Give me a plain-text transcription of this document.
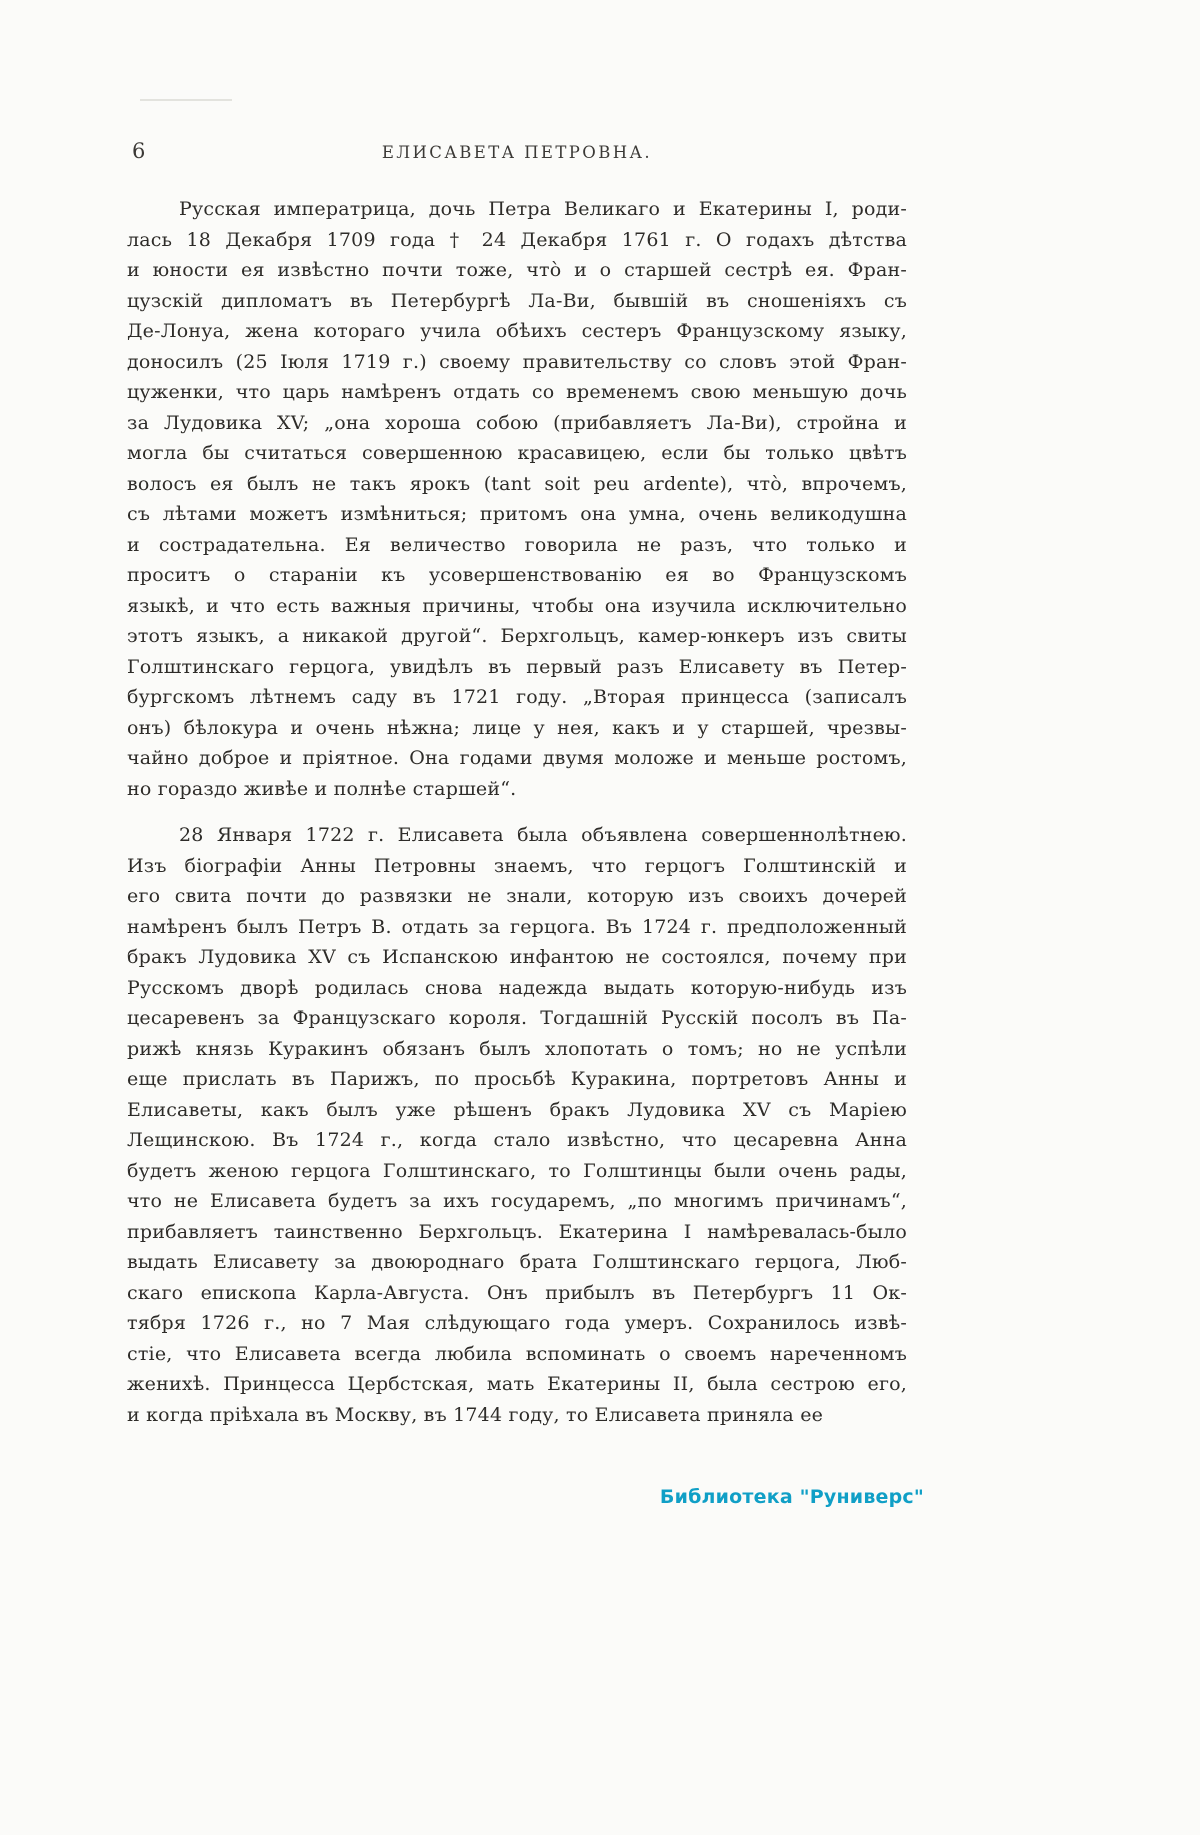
6	ЕЛИСАВЕТА ПЕТРОВНА.
Русская императрица, дочь Петра Великаго и Екатерины I, роди-
лась 18 Декабря 1709 года † 24 Декабря 1761 г. О годахъ дѣтства
и юности ея извѣстно почти тоже, чтò и о старшей сестрѣ ея. Фран-
цузскій дипломатъ въ Петербургѣ Ла-Ви, бывшій въ сношеніяхъ съ
Де-Лонуа, жена котораго учила обѣихъ сестеръ Французскому языку,
доносилъ (25 Іюля 1719 г.) своему правительству со словъ этой Фран-
цуженки, что царь намѣренъ отдать со временемъ свою меньшую дочь
за Лудовика XV; „она хороша собою (прибавляетъ Ла-Ви), стройна и
могла бы считаться совершенною красавицею, если бы только цвѣтъ
волосъ ея былъ не такъ ярокъ (tant soit peu ardente), чтò, впрочемъ,
съ лѣтами можетъ измѣниться; притомъ она умна, очень великодушна
и сострадательна. Ея величество говорила не разъ, что только и
проситъ о стараніи къ усовершенствованію ея во Французскомъ
языкѣ, и что есть важныя причины, чтобы она изучила исключительно
этотъ языкъ, а никакой другой“. Берхгольцъ, камер-юнкеръ изъ свиты
Голштинскаго герцога, увидѣлъ въ первый разъ Елисавету въ Петер-
бургскомъ лѣтнемъ саду въ 1721 году. „Вторая принцесса (записалъ
онъ) бѣлокура и очень нѣжна; лице у нея, какъ и у старшей, чрезвы-
чайно доброе и пріятное. Она годами двумя моложе и меньше ростомъ,
но гораздо живѣе и полнѣе старшей“.
28 Января 1722 г. Елисавета была объявлена совершеннолѣтнею.
Изъ біографіи Анны Петровны знаемъ, что герцогъ Голштинскій и
его свита почти до развязки не знали, которую изъ своихъ дочерей
намѣренъ былъ Петръ В. отдать за герцога. Въ 1724 г. предположенный
бракъ Лудовика XV съ Испанскою инфантою не состоялся, почему при
Русскомъ дворѣ родилась снова надежда выдать которую-нибудь изъ
цесаревенъ за Французскаго короля. Тогдашній Русскій посолъ въ Па-
рижѣ князь Куракинъ обязанъ былъ хлопотать о томъ; но не успѣли
еще прислать въ Парижъ, по просьбѣ Куракина, портретовъ Анны и
Елисаветы, какъ былъ уже рѣшенъ бракъ Лудовика XV съ Маріею
Лещинскою. Въ 1724 г., когда стало извѣстно, что цесаревна Анна
будетъ женою герцога Голштинскаго, то Голштинцы были очень рады,
что не Елисавета будетъ за ихъ государемъ, „по многимъ причинамъ“,
прибавляетъ таинственно Берхгольцъ. Екатерина I намѣревалась-было
выдать Елисавету за двоюроднаго брата Голштинскаго герцога, Люб-
скаго епископа Карла-Августа. Онъ прибылъ въ Петербургъ 11 Ок-
тября 1726 г., но 7 Мая слѣдующаго года умеръ. Сохранилось извѣ-
стіе, что Елисавета всегда любила вспоминать о своемъ нареченномъ
женихѣ. Принцесса Цербстская, мать Екатерины II, была сестрою его,
и когда пріѣхала въ Москву, въ 1744 году, то Елисавета приняла ее
Библиотека "Руниверс"
